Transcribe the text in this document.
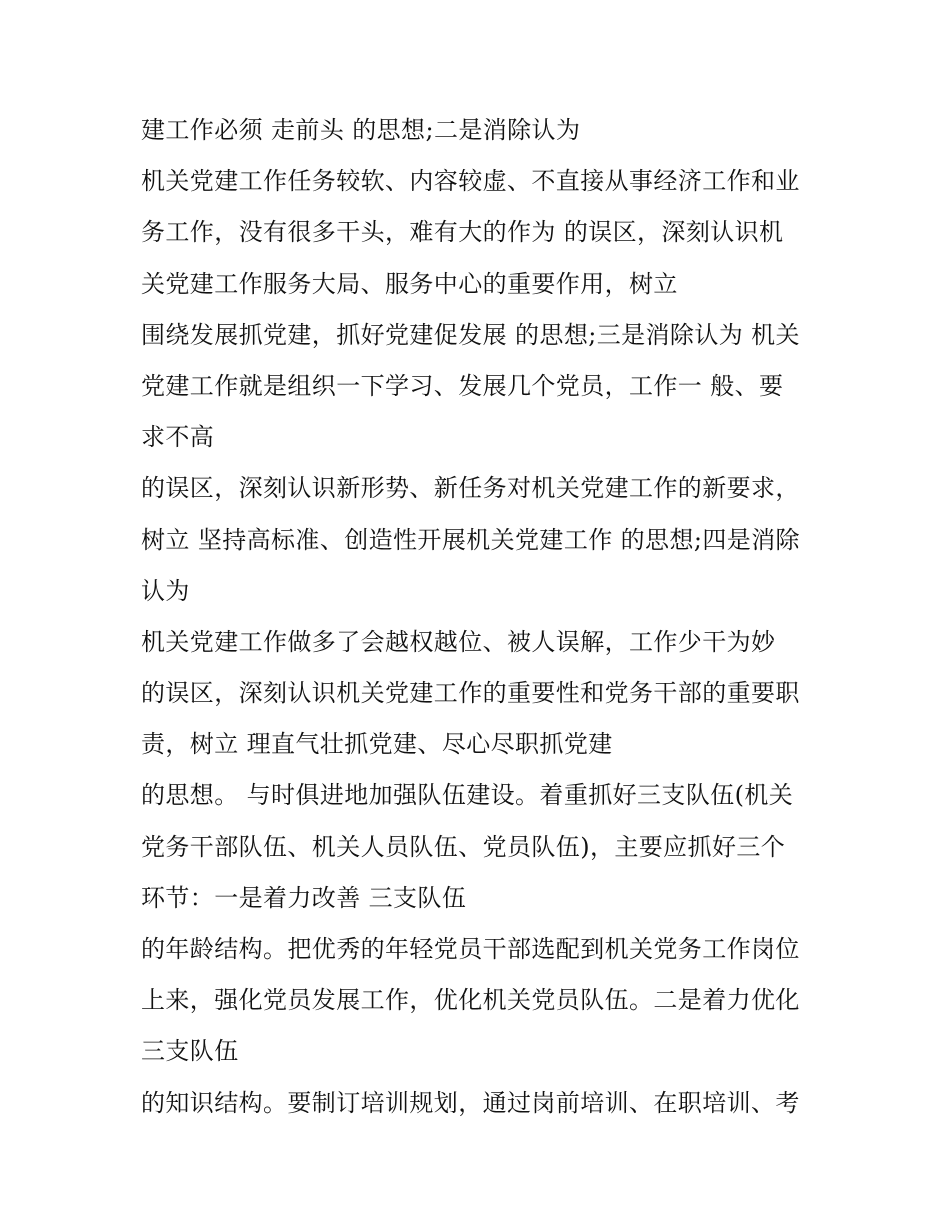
建工作必须 走前头 的思想;二是消除认为
机关党建工作任务较软、内容较虚、不直接从事经济工作和业
务工作，没有很多干头，难有大的作为 的误区，深刻认识机
关党建工作服务大局、服务中心的重要作用，树立
围绕发展抓党建，抓好党建促发展 的思想;三是消除认为 机关
党建工作就是组织一下学习、发展几个党员，工作一 般、要
求不高
的误区，深刻认识新形势、新任务对机关党建工作的新要求，
树立 坚持高标准、创造性开展机关党建工作 的思想;四是消除
认为
机关党建工作做多了会越权越位、被人误解，工作少干为妙
的误区，深刻认识机关党建工作的重要性和党务干部的重要职
责，树立 理直气壮抓党建、尽心尽职抓党建
的思想。 与时俱进地加强队伍建设。着重抓好三支队伍(机关
党务干部队伍、机关人员队伍、党员队伍)，主要应抓好三个
环节：一是着力改善 三支队伍
的年龄结构。把优秀的年轻党员干部选配到机关党务工作岗位
上来，强化党员发展工作，优化机关党员队伍。二是着力优化
三支队伍
的知识结构。要制订培训规划，通过岗前培训、在职培训、考
